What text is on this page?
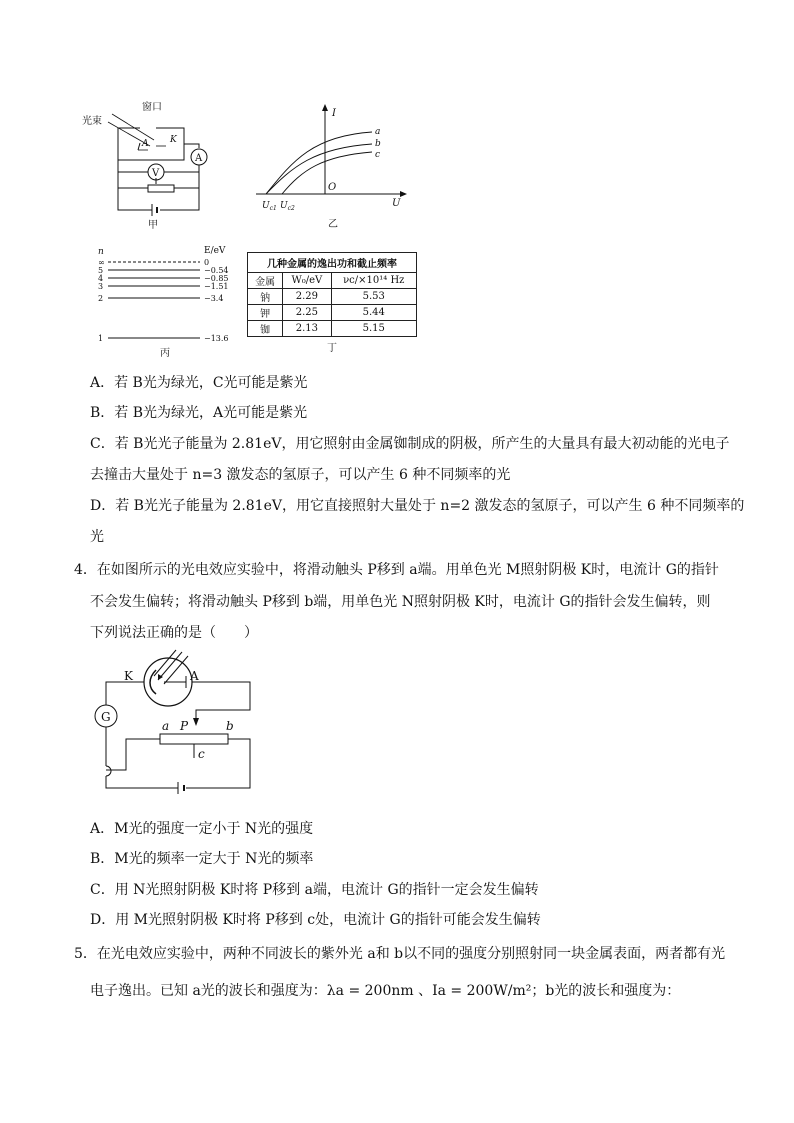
窗口
光束
A K
A
V
甲
I
U
O
a
b
c
$U_{c1}$ $U_{c2}$
乙
n	E/eV
∞	0
5	−0.54
4	−0.85
3	−1.51
2	−3.4
1	−13.6
丙
几种金属的逸出功和截止频率
金属	W₀/eV	νc/×10¹⁴ Hz
钠	2.29	5.53
钾	2.25	5.44
铷	2.13	5.15
丁
A．若 B光为绿光，C光可能是紫光
B．若 B光为绿光，A光可能是紫光
C．若 B光光子能量为 2.81eV，用它照射由金属铷制成的阴极，所产生的大量具有最大初动能的光电子
去撞击大量处于 n=3 激发态的氢原子，可以产生 6 种不同频率的光
D．若 B光光子能量为 2.81eV，用它直接照射大量处于 n=2 激发态的氢原子，可以产生 6 种不同频率的
光
4．在如图所示的光电效应实验中，将滑动触头 P移到 a端。用单色光 M照射阴极 K时，电流计 G的指针
不会发生偏转；将滑动触头 P移到 b端，用单色光 N照射阴极 K时，电流计 G的指针会发生偏转，则
下列说法正确的是（　　）
K	A
G
a P	b
c
A．M光的强度一定小于 N光的强度
B．M光的频率一定大于 N光的频率
C．用 N光照射阴极 K时将 P移到 a端，电流计 G的指针一定会发生偏转
D．用 M光照射阴极 K时将 P移到 c处，电流计 G的指针可能会发生偏转
5．在光电效应实验中，两种不同波长的紫外光 a和 b以不同的强度分别照射同一块金属表面，两者都有光
电子逸出。已知 a光的波长和强度为：λa = 200nm 、Ia = 200W/m²；b光的波长和强度为：
